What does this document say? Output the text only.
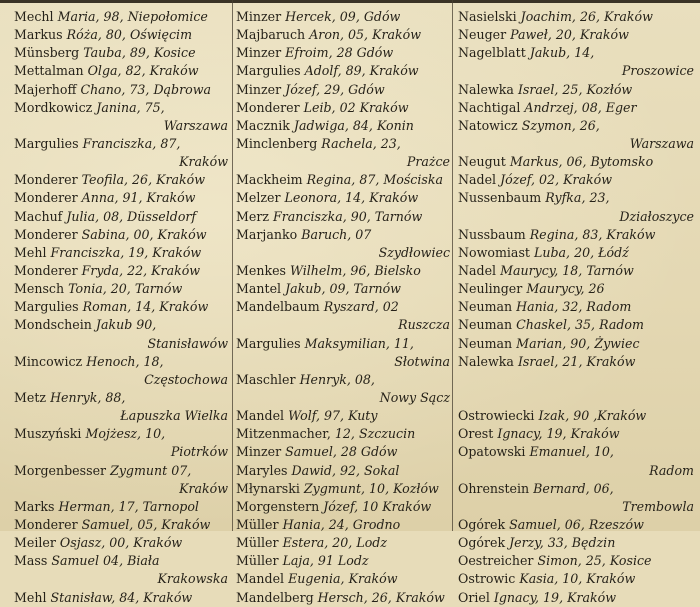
Mechl Maria, 98, Niepołomice
Markus Róża, 80, Oświęcim
Münsberg Tauba, 89, Kosice
Mettalman Olga, 82, Kraków
Majerhoff Chano, 73, Dąbrowa
Mordkowicz Janina, 75,
Warszawa
Margulies Franciszka, 87,
Kraków
Monderer Teofila, 26, Kraków
Monderer Anna, 91, Kraków
Machuf Julia, 08, Düsseldorf
Monderer Sabina, 00, Kraków
Mehl Franciszka, 19, Kraków
Monderer Fryda, 22, Kraków
Mensch Tonia, 20, Tarnów
Margulies Roman, 14, Kraków
Mondschein Jakub 90,
Stanisławów
Mincowicz Henoch, 18,
Częstochowa
Metz Henryk, 88,
Łapuszka Wielka
Muszyński Mojżesz, 10,
Piotrków
Morgenbesser Zygmunt 07,
Kraków
Marks Herman, 17, Tarnopol
Monderer Samuel, 05, Kraków
Meiler Osjasz, 00, Kraków
Mass Samuel 04, Biała
Krakowska
Mehl Stanisław, 84, Kraków
Minzer Hercek, 09, Gdów
Majbaruch Aron, 05, Kraków
Minzer Efroim, 28 Gdów
Margulies Adolf, 89, Kraków
Minzer Józef, 29, Gdów
Monderer Leib, 02 Kraków
Macznik Jadwiga, 84, Konin
Minclenberg Rachela, 23,
Prażce
Mackheim Regina, 87, Mościska
Melzer Leonora, 14, Kraków
Merz Franciszka, 90, Tarnów
Marjanko Baruch, 07
Szydłowiec
Menkes Wilhelm, 96, Bielsko
Mantel Jakub, 09, Tarnów
Mandelbaum Ryszard, 02
Ruszcza
Margulies Maksymilian, 11,
Słotwina
Maschler Henryk, 08,
Nowy Sącz
Mandel Wolf, 97, Kuty
Mitzenmacher, 12, Szczucin
Minzer Samuel, 28 Gdów
Maryles Dawid, 92, Sokal
Młynarski Zygmunt, 10, Kozłów
Morgenstern Józef, 10 Kraków
Müller Hania, 24, Grodno
Müller Estera, 20, Lodz
Müller Laja, 91 Lodz
Mandel Eugenia, Kraków
Mandelberg Hersch, 26, Kraków
Nasielski Joachim, 26, Kraków
Neuger Paweł, 20, Kraków
Nagelblatt Jakub, 14,
Proszowice
Nalewka Israel, 25, Kozłów
Nachtigal Andrzej, 08, Eger
Natowicz Szymon, 26,
Warszawa
Neugut Markus, 06, Bytomsko
Nadel Józef, 02, Kraków
Nussenbaum Ryfka, 23,
Działoszyce
Nussbaum Regina, 83, Kraków
Nowomiast Luba, 20, Łódź
Nadel Maurycy, 18, Tarnów
Neulinger Maurycy, 26
Neuman Hania, 32, Radom
Neuman Chaskel, 35, Radom
Neuman Marian, 90, Żywiec
Nalewka Israel, 21, Kraków
Ostrowiecki Izak, 90 ,Kraków
Orest Ignacy, 19, Kraków
Opatowski Emanuel, 10,
Radom
Ohrenstein Bernard, 06,
Trembowla
Ogórek Samuel, 06, Rzeszów
Ogórek Jerzy, 33, Będzin
Oestreicher Simon, 25, Kosice
Ostrowic Kasia, 10, Kraków
Oriel Ignacy, 19, Kraków
